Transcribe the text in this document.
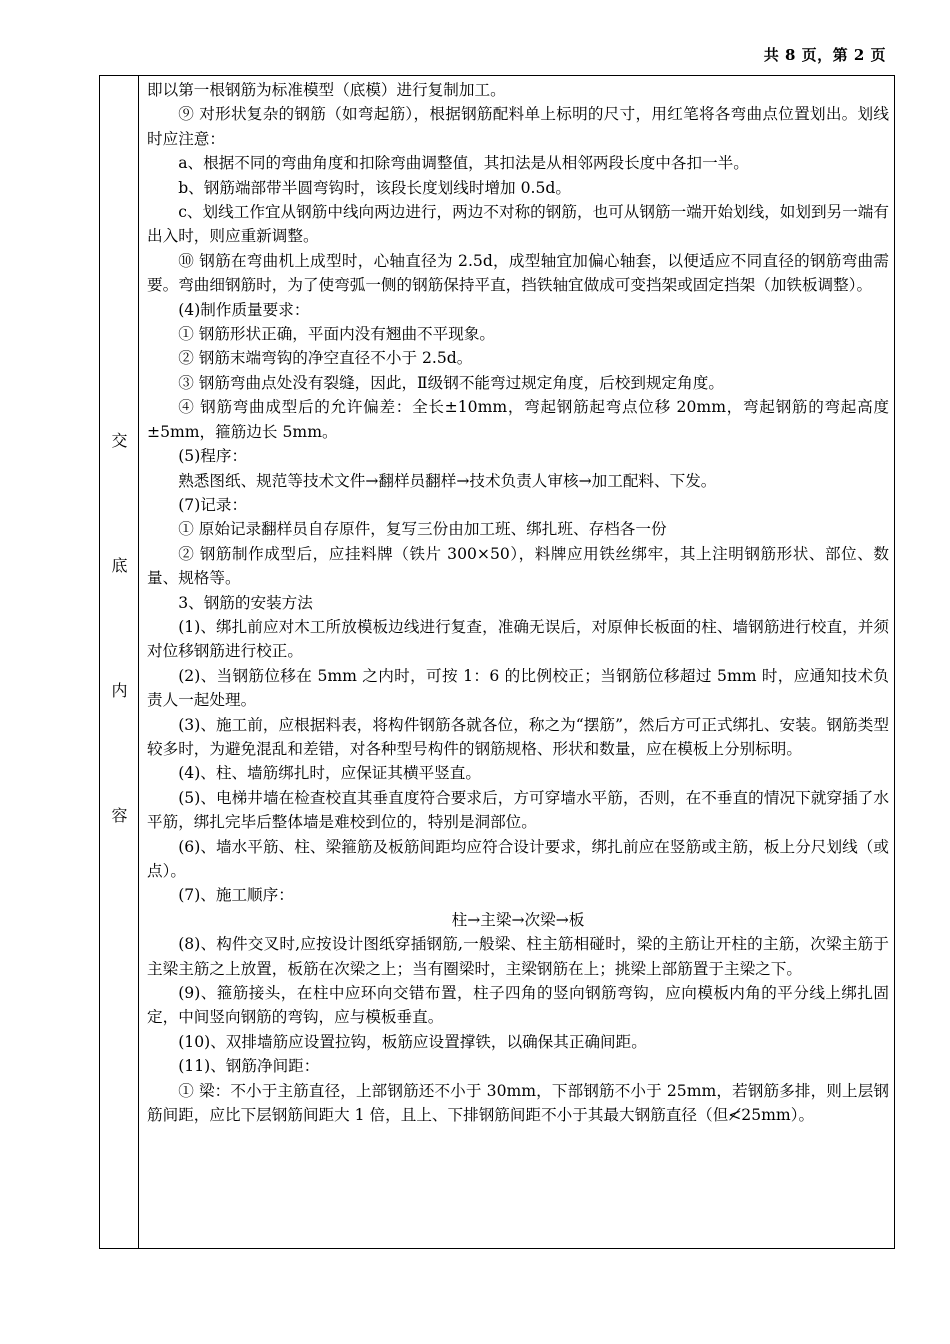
共 8 页，第 2 页
交
底
内
容

即以第一根钢筋为标准模型（底模）进行复制加工。

⑨ 对形状复杂的钢筋（如弯起筋），根据钢筋配料单上标明的尺寸，用红笔将各弯曲点位置划出。划线时应注意：

a、根据不同的弯曲角度和扣除弯曲调整值，其扣法是从相邻两段长度中各扣一半。

b、钢筋端部带半圆弯钩时，该段长度划线时增加 0.5d。

c、划线工作宜从钢筋中线向两边进行，两边不对称的钢筋，也可从钢筋一端开始划线，如划到另一端有出入时，则应重新调整。

⑩ 钢筋在弯曲机上成型时，心轴直径为 2.5d，成型轴宜加偏心轴套，以便适应不同直径的钢筋弯曲需要。弯曲细钢筋时，为了使弯弧一侧的钢筋保持平直，挡铁轴宜做成可变挡架或固定挡架（加铁板调整）。

(4)制作质量要求：

① 钢筋形状正确，平面内没有翘曲不平现象。

② 钢筋末端弯钩的净空直径不小于 2.5d。

③ 钢筋弯曲点处没有裂缝，因此，Ⅱ级钢不能弯过规定角度，后校到规定角度。

④ 钢筋弯曲成型后的允许偏差：全长±10mm，弯起钢筋起弯点位移 20mm，弯起钢筋的弯起高度±5mm，箍筋边长 5mm。

(5)程序：

熟悉图纸、规范等技术文件→翻样员翻样→技术负责人审核→加工配料、下发。

(7)记录：

① 原始记录翻样员自存原件，复写三份由加工班、绑扎班、存档各一份

② 钢筋制作成型后，应挂料牌（铁片 300×50），料牌应用铁丝绑牢，其上注明钢筋形状、部位、数量、规格等。

3、钢筋的安装方法

(1)、绑扎前应对木工所放模板边线进行复查，准确无误后，对原伸长板面的柱、墙钢筋进行校直，并须对位移钢筋进行校正。

(2)、当钢筋位移在 5mm 之内时，可按 1：6 的比例校正；当钢筋位移超过 5mm 时，应通知技术负责人一起处理。

(3)、施工前，应根据料表，将构件钢筋各就各位，称之为“摆筋”，然后方可正式绑扎、安装。钢筋类型较多时，为避免混乱和差错，对各种型号构件的钢筋规格、形状和数量，应在模板上分别标明。

(4)、柱、墙筋绑扎时，应保证其横平竖直。

(5)、电梯井墙在检查校直其垂直度符合要求后，方可穿墙水平筋，否则，在不垂直的情况下就穿插了水平筋，绑扎完毕后整体墙是难校到位的，特别是洞部位。

(6)、墙水平筋、柱、梁箍筋及板筋间距均应符合设计要求，绑扎前应在竖筋或主筋，板上分尺划线（或点）。

(7)、施工顺序：

柱→主梁→次梁→板

(8)、构件交叉时,应按设计图纸穿插钢筋,一般梁、柱主筋相碰时，梁的主筋让开柱的主筋，次梁主筋于主梁主筋之上放置，板筋在次梁之上；当有圈梁时，主梁钢筋在上；挑梁上部筋置于主梁之下。

(9)、箍筋接头，在柱中应环向交错布置，柱子四角的竖向钢筋弯钩，应向模板内角的平分线上绑扎固定，中间竖向钢筋的弯钩，应与模板垂直。

(10)、双排墙筋应设置拉钩，板筋应设置撑铁，以确保其正确间距。

(11)、钢筋净间距：

① 梁：不小于主筋直径，上部钢筋还不小于 30mm，下部钢筋不小于 25mm，若钢筋多排，则上层钢筋间距，应比下层钢筋间距大 1 倍，且上、下排钢筋间距不小于其最大钢筋直径（但≮25mm）。
